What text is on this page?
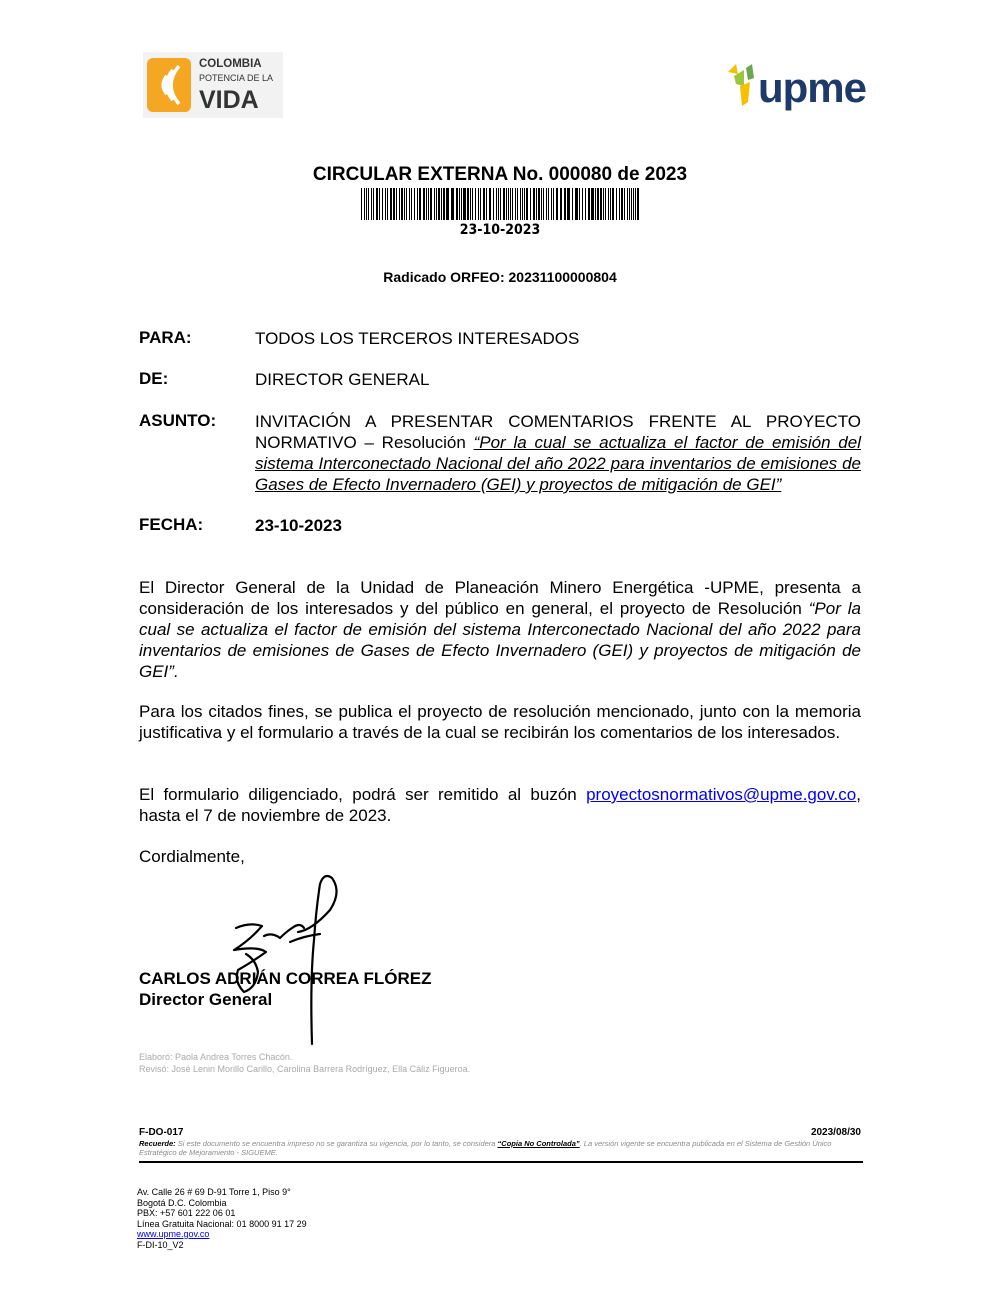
COLOMBIA
POTENCIA DE LA
VIDA	upme
CIRCULAR EXTERNA No. 000080 de 2023
23-10-2023
Radicado ORFEO: 20231100000804
PARA:	TODOS LOS TERCEROS INTERESADOS
DE:	DIRECTOR GENERAL
ASUNTO: INVITACIÓN A PRESENTAR COMENTARIOS FRENTE AL PROYECTO NORMATIVO – Resolución “Por la cual se actualiza el factor de emisión del sistema Interconectado Nacional del año 2022 para inventarios de emisiones de Gases de Efecto Invernadero (GEI) y proyectos de mitigación de GEI”
FECHA:	23-10-2023
El Director General de la Unidad de Planeación Minero Energética -UPME, presenta a consideración de los interesados y del público en general, el proyecto de Resolución “Por la cual se actualiza el factor de emisión del sistema Interconectado Nacional del año 2022 para inventarios de emisiones de Gases de Efecto Invernadero (GEI) y proyectos de mitigación de GEI”.
Para los citados fines, se publica el proyecto de resolución mencionado, junto con la memoria justificativa y el formulario a través de la cual se recibirán los comentarios de los interesados.
El formulario diligenciado, podrá ser remitido al buzón proyectosnormativos@upme.gov.co, hasta el 7 de noviembre de 2023.
Cordialmente,
CARLOS ADRIÁN CORREA FLÓREZ
Director General
Elaboró: Paola Andrea Torres Chacón.
Revisó: José Lenin Morillo Carillo, Carolina Barrera Rodríguez, Ella Cáliz Figueroa.
F-DO-017	2023/08/30
Recuerde: Si este documento se encuentra impreso no se garantiza su vigencia, por lo tanto, se considera “Copia No Controlada”. La versión vigente se encuentra publicada en el Sistema de Gestión Único Estratégico de Mejoramiento - SIGUEME.
Av. Calle 26 # 69 D-91 Torre 1, Piso 9°
Bogotá D.C. Colombia
PBX: +57 601 222 06 01
Línea Gratuita Nacional: 01 8000 91 17 29
www.upme.gov.co
F-DI-10_V2
